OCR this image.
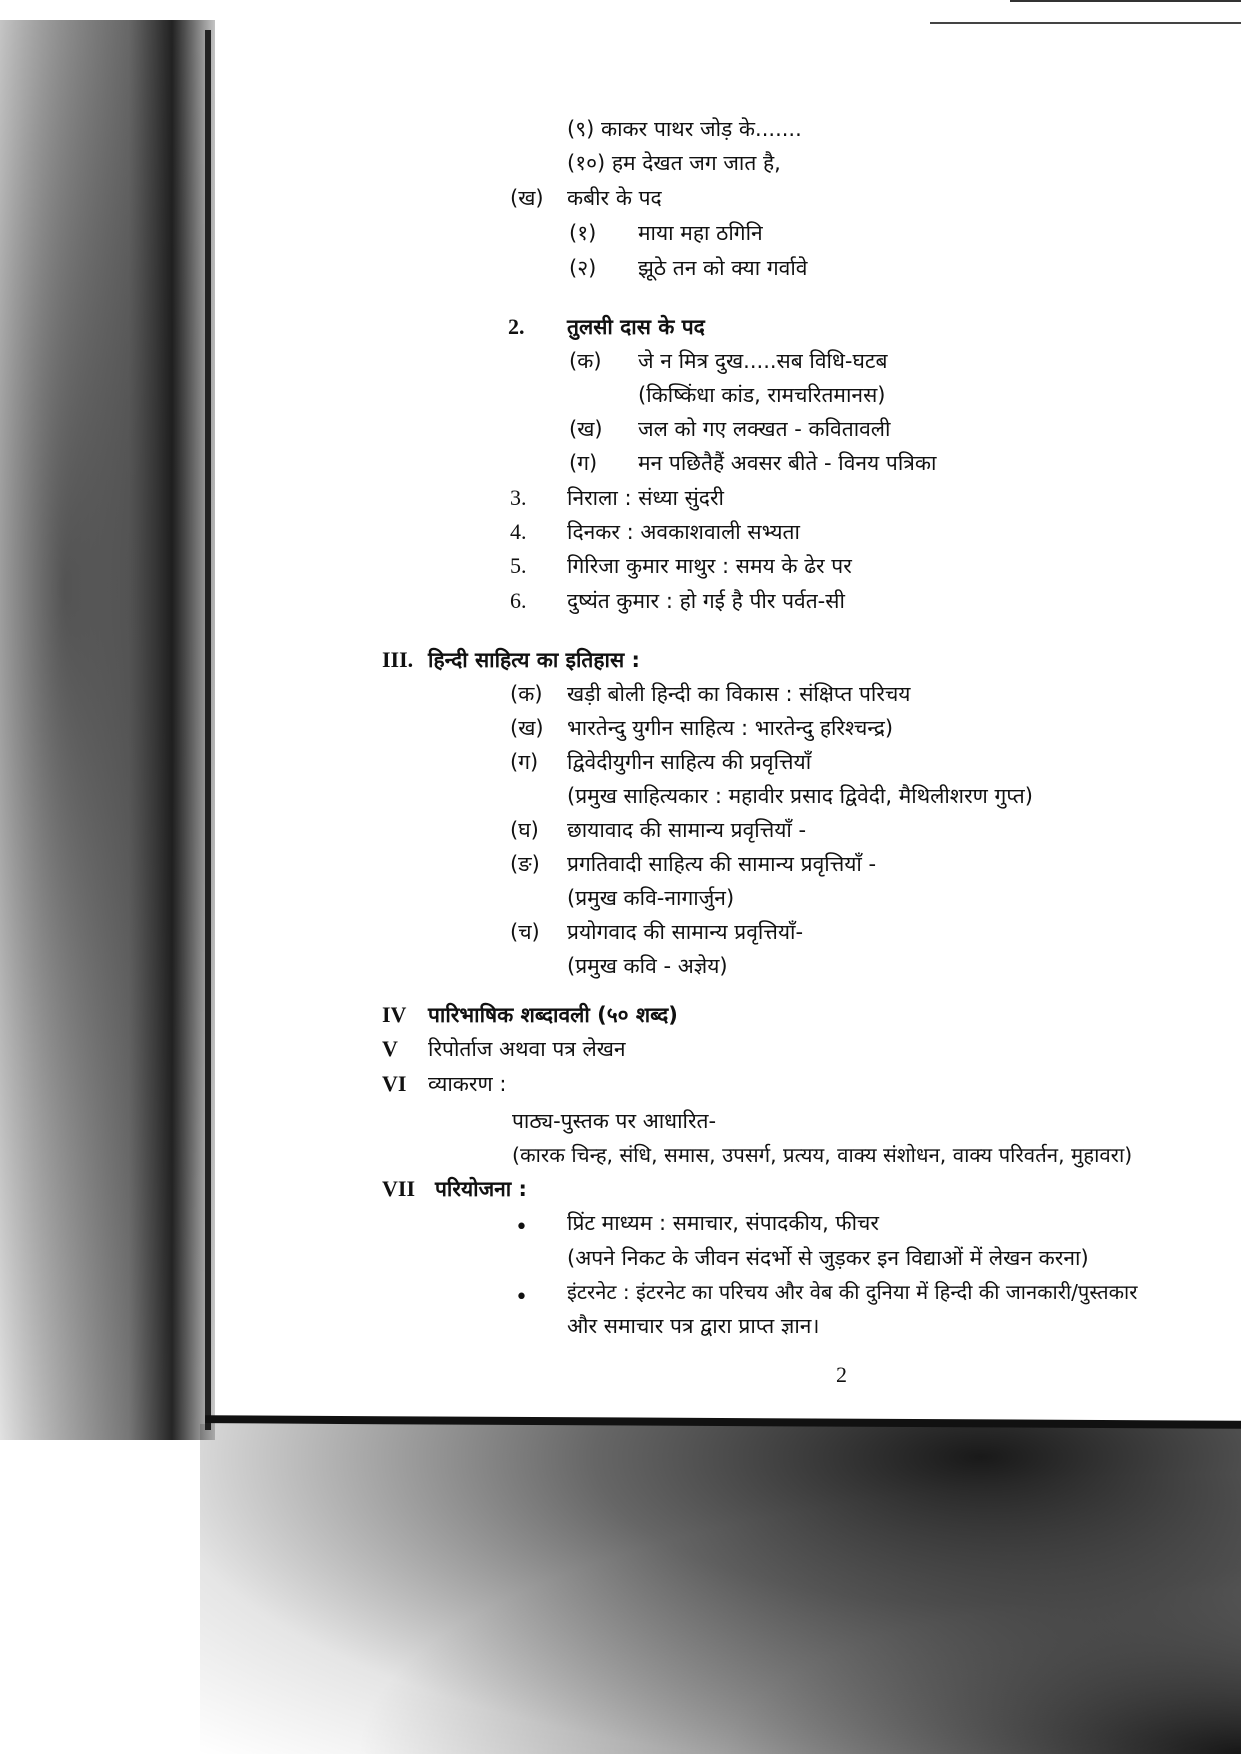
(९) काकर पाथर जोड़ के.......
(१०) हम देखत जग जात है,
(ख) कबीर के पद
(१) माया महा ठगिनि
(२) झूठे तन को क्या गर्वावे
2. तुलसी दास के पद
(क) जे न मित्र दुख.....सब विधि-घटब
(किष्किंधा कांड, रामचरितमानस)
(ख) जल को गए लक्खत - कवितावली
(ग) मन पछितैहैं अवसर बीते - विनय पत्रिका
3. निराला : संध्या सुंदरी
4. दिनकर : अवकाशवाली सभ्यता
5. गिरिजा कुमार माथुर : समय के ढेर पर
6. दुष्यंत कुमार : हो गई है पीर पर्वत-सी
III. हिन्दी साहित्य का इतिहास :
(क) खड़ी बोली हिन्दी का विकास : संक्षिप्त परिचय
(ख) भारतेन्दु युगीन साहित्य : भारतेन्दु हरिश्चन्द्र)
(ग) द्विवेदीयुगीन साहित्य की प्रवृत्तियाँ
(प्रमुख साहित्यकार : महावीर प्रसाद द्विवेदी, मैथिलीशरण गुप्त)
(घ) छायावाद की सामान्य प्रवृत्तियाँ -
(ङ) प्रगतिवादी साहित्य की सामान्य प्रवृत्तियाँ -
(प्रमुख कवि-नागार्जुन)
(च) प्रयोगवाद की सामान्य प्रवृत्तियाँ-
(प्रमुख कवि - अज्ञेय)
IV पारिभाषिक शब्दावली (५० शब्द)
V रिपोर्ताज अथवा पत्र लेखन
VI व्याकरण :
पाठ्य-पुस्तक पर आधारित-
(कारक चिन्ह, संधि, समास, उपसर्ग, प्रत्यय, वाक्य संशोधन, वाक्य परिवर्तन, मुहावरा)
VII परियोजना :
• प्रिंट माध्यम : समाचार, संपादकीय, फीचर
(अपने निकट के जीवन संदर्भो से जुड़कर इन विद्याओं में लेखन करना)
• इंटरनेट : इंटरनेट का परिचय और वेब की दुनिया में हिन्दी की जानकारी/पुस्तकार
और समाचार पत्र द्वारा प्राप्त ज्ञान।
2
